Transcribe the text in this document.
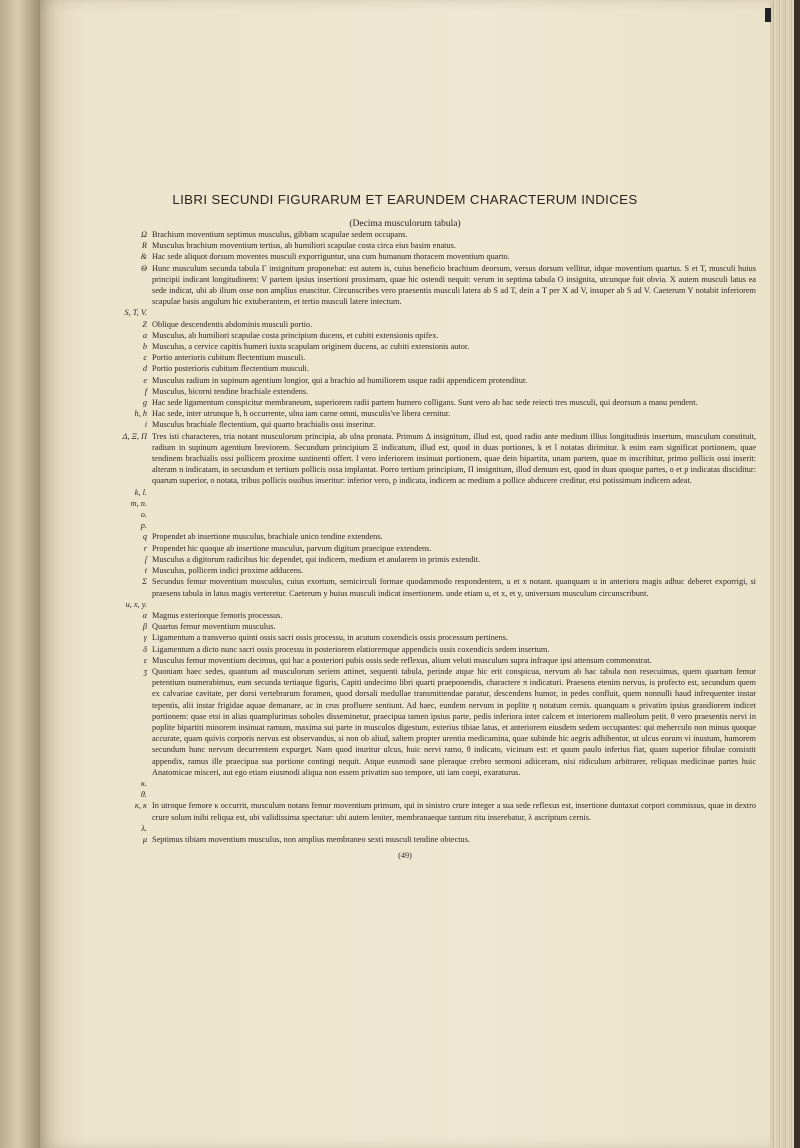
LIBRI SECUNDI FIGURARUM ET EARUNDEM CHARACTERUM INDICES
(Decima musculorum tabula)
Ω Brachium moventium septimus musculus, gibbam scapulae sedem occupans.
R Musculus brachium moventium tertius, ab humiliori scapulae costa circa eius basim enatus.
& Hac sede aliquot dorsum moventes musculi exporriguntur, una cum humanum thoracem moventium quarto.
Θ Hunc musculum secunda tabula Γ insignitum proponebat: est autem is, cuius beneficio brachium deorsum, versus dorsum vellitur, idque moventium quartus. S et T, musculi huius principii indicant longitudinem: V partem ipsius insertioni proximam, quae hic ostendi nequit: verum in septima tabula O insignita, utcunque fuit obvia. X autem musculi latus ea sede indicat, ubi ab ilium osse non amplius enascitur. Circunscribes vero praesentis musculi latera ab S ad T, dein a T per X ad V, insuper ab S ad V. Caeterum Y notabit inferiorem scapulae basis angulum hic extuberantem, et tertio musculi latere intectum.
S, T, V.
Z Oblique descendentis abdominis musculi portio.
a Musculus, ab humiliori scapulae costa principium ducens, et cubiti extensionis opifex.
b Musculus, a cervice capitis humeri iuxta scapulam originem ducens, ac cubiti extensionis autor.
c Portio anterioris cubitum flectentium musculi.
d Portio posterioris cubitum flectentium musculi.
e Musculus radium in supinum agentium longior, qui a brachio ad humiliorem usque radii appendicem protenditur.
f Musculus, bicorni tendine brachiale extendens.
g Hac sede ligamentum conspicitur membraneum, superiorem radii partem humero colligans. Sunt vero ab hac sede reiecti tres musculi, qui deorsum a manu pendent.
h, h Hac sede, inter utrunque h, h occurrente, ulna iam carne omni, musculis've libera cernitur.
i Musculus brachiale flectentium, qui quarto brachialis ossi inseritur.
Δ, Ξ, Π Tres isti characteres, tria notant musculorum principia, ab ulna pronata. Primum Δ insignitum, illud est, quod radio ante medium illius longitudinis insertum, musculum constituit, radium in supinum agentium breviorem. Secundum principium Ξ indicatum, illud est, quod in duas portiones, k et l notatas dirimitur. k enim eam significat portionem, quae tendinem brachialis ossi pollicem proxime sustinenti offert. l vero inferiorem insinuat portionem, quae dein bipartita, unam partem, quae m inscribitur, primo pollicis ossi inserit: alteram n indicatam, in secundum et tertium pollicis ossa implantat. Porro tertium principium, Π insignitum, illud demum est, quod in duas quoque partes, o et p indicatas disciditur: quarum superior, o notata, tribus pollicis ossibus inseritur: inferior vero, p indicata, indicem ac medium a pollice abducere creditur, etsi potissimum indicem adeat.
k, l.
m, n.
o.
p.
q Propendet ab insertione musculus, brachiale unico tendine extendens.
r Propendet hic quoque ab insertione musculus, parvum digitum praecipue extendens.
ſ Musculus a digitorum radicibus hic dependet, qui indicem, medium et anularem in primis extendit.
t Musculus, pollicem indici proxime adducens.
Σ Secundus femur moventium musculus, cuius exortum, semicirculi formae quodammodo respondentem, u et x notant. quanquam u in anteriora magis adhuc deberet exporrigi, si praesens tabula in latus magis verteretur. Caeterum y huius musculi indicat insertionem. unde etiam u, et x, et y, universum musculum circunscribunt.
u, x, y.
α Magnus exteriorque femoris processus.
β Quartus femur moventium musculus.
γ Ligamentum a transverso quinti ossis sacri ossis processu, in acutum coxendicis ossis processum pertinens.
δ Ligamentum a dicto nunc sacri ossis processu in posteriorem elatioremque appendicis ossis coxendicis sedem insertum.
ε Musculus femur moventium decimus, qui hac a posteriori pubis ossis sede reflexus, alium veluti musculum supra infraque ipsi attensum commonstrat.
ʒ Quoniam haec sedes, quantum ad musculorum seriem attinet, sequenti tabula, perinde atque hic erit conspicua, nervum ab hac tabula non resecuimus, quem quartum femur petentium numerabimus, eum secunda tertiaque figuris, Capiti undecimo libri quarti praeponendis, charactere π indicaturi. Praesens etenim nervus, is profecto est, secundum quem ex calvariae cavitate, per dorsi vertebrarum foramen, quod dorsali medullae transmittendae paratur, descendens humor, in pedes confluit, quem nonnulli haud infrequenter instar tepentis, alii instar frigidae aquae demanare, ac in crus profluere sentiunt. Ad haec, eundem nervum in poplite η notatum cernis. quanquam κ privatim ipsius grandiorem indicet portionem: quae etsi in alias quamplurimas soboles disseminetur, praecipua tamen ipsius parte, pedis inferiora inter calcem et interiorem malleolum petit. θ vero praesentis nervi in poplite bipartiti minorem insinuat ramum, maxima sui parte in musculos digestum, exterius tibiae latus, et anteriorem eiusdem sedem occupantes: qui meherculo non minus quoque accurate, quam quivis corporis nervus est observandus, si non ob aliud, saltem propter urentia medicamina, quae subinde hic aegris adhibentur, ut ulcus eorum vi inustum, humorem secundum hunc nervum decurrentem expurget. Nam quod inuritur ulcus, huic nervi ramo, θ indicato, vicinum est: et quum paulo inferius fiat, quam superior fibulae consistit appendix, ramus ille praecipua sua portione contingi nequit. Atque eusmodi sane pleraque crebro sermoni adiiceram, nisi ridiculum arbitrarer, reliquas medicinae partes huic Anatomicae misceri, aut ego etiam eiusmodi aliqua non essem privatim suo tempore, uti iam coepi, exaraturus.
κ.
θ.
κ, κ In utroque femore κ occurrit, musculum notans femur moventium primum, qui in sinistro crure integer a sua sede reflexus est, insertione duntaxat corpori commissus, quae in dextro crure solum inibi reliqua est, ubi validissima spectatur: ubi autem leniter, membranaeque tantum ritu inserebatur, λ ascriptum cernis.
λ.
μ Septimus tibiam moventium musculus, non amplius membraneo sexti musculi tendine obtectus.
(49)
